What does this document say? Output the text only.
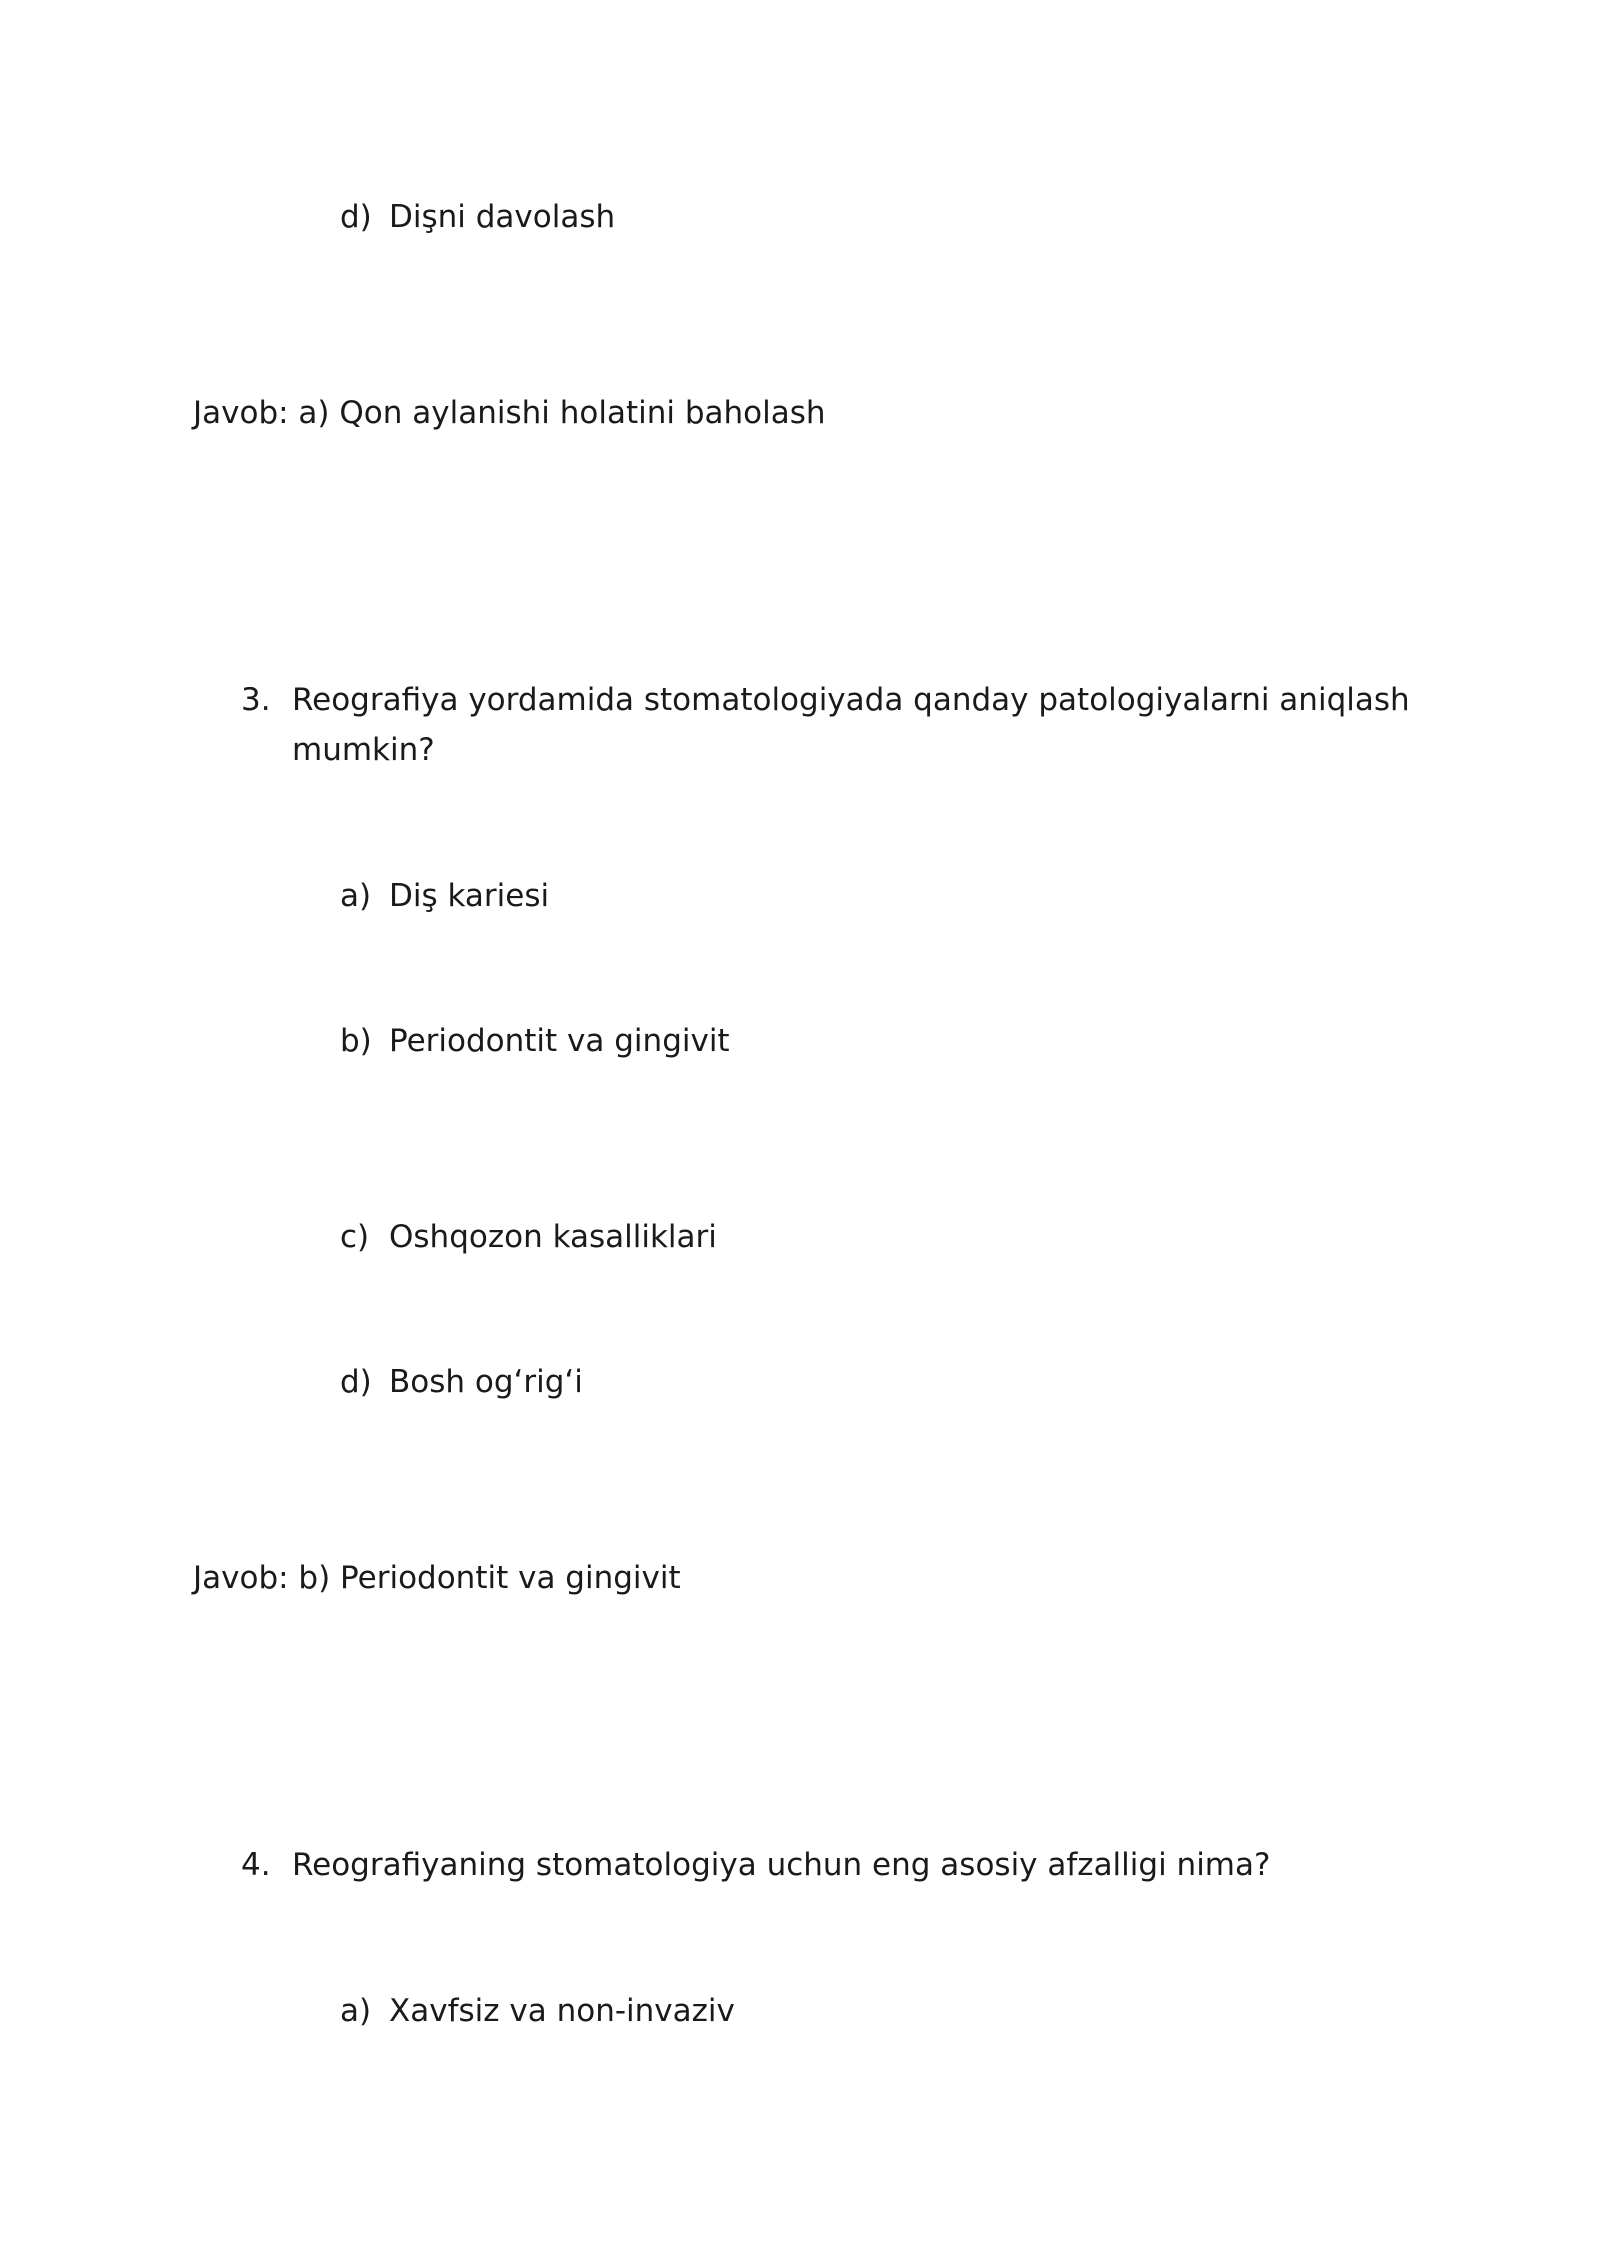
d) Dişni davolash
Javob: a) Qon aylanishi holatini baholash
3. Reografiya yordamida stomatologiyada qanday patologiyalarni aniqlash mumkin?
a) Diş kariesi
b) Periodontit va gingivit
c) Oshqozon kasalliklari
d) Bosh og‘rig‘i
Javob: b) Periodontit va gingivit
4. Reografiyaning stomatologiya uchun eng asosiy afzalligi nima?
a) Xavfsiz va non-invaziv
